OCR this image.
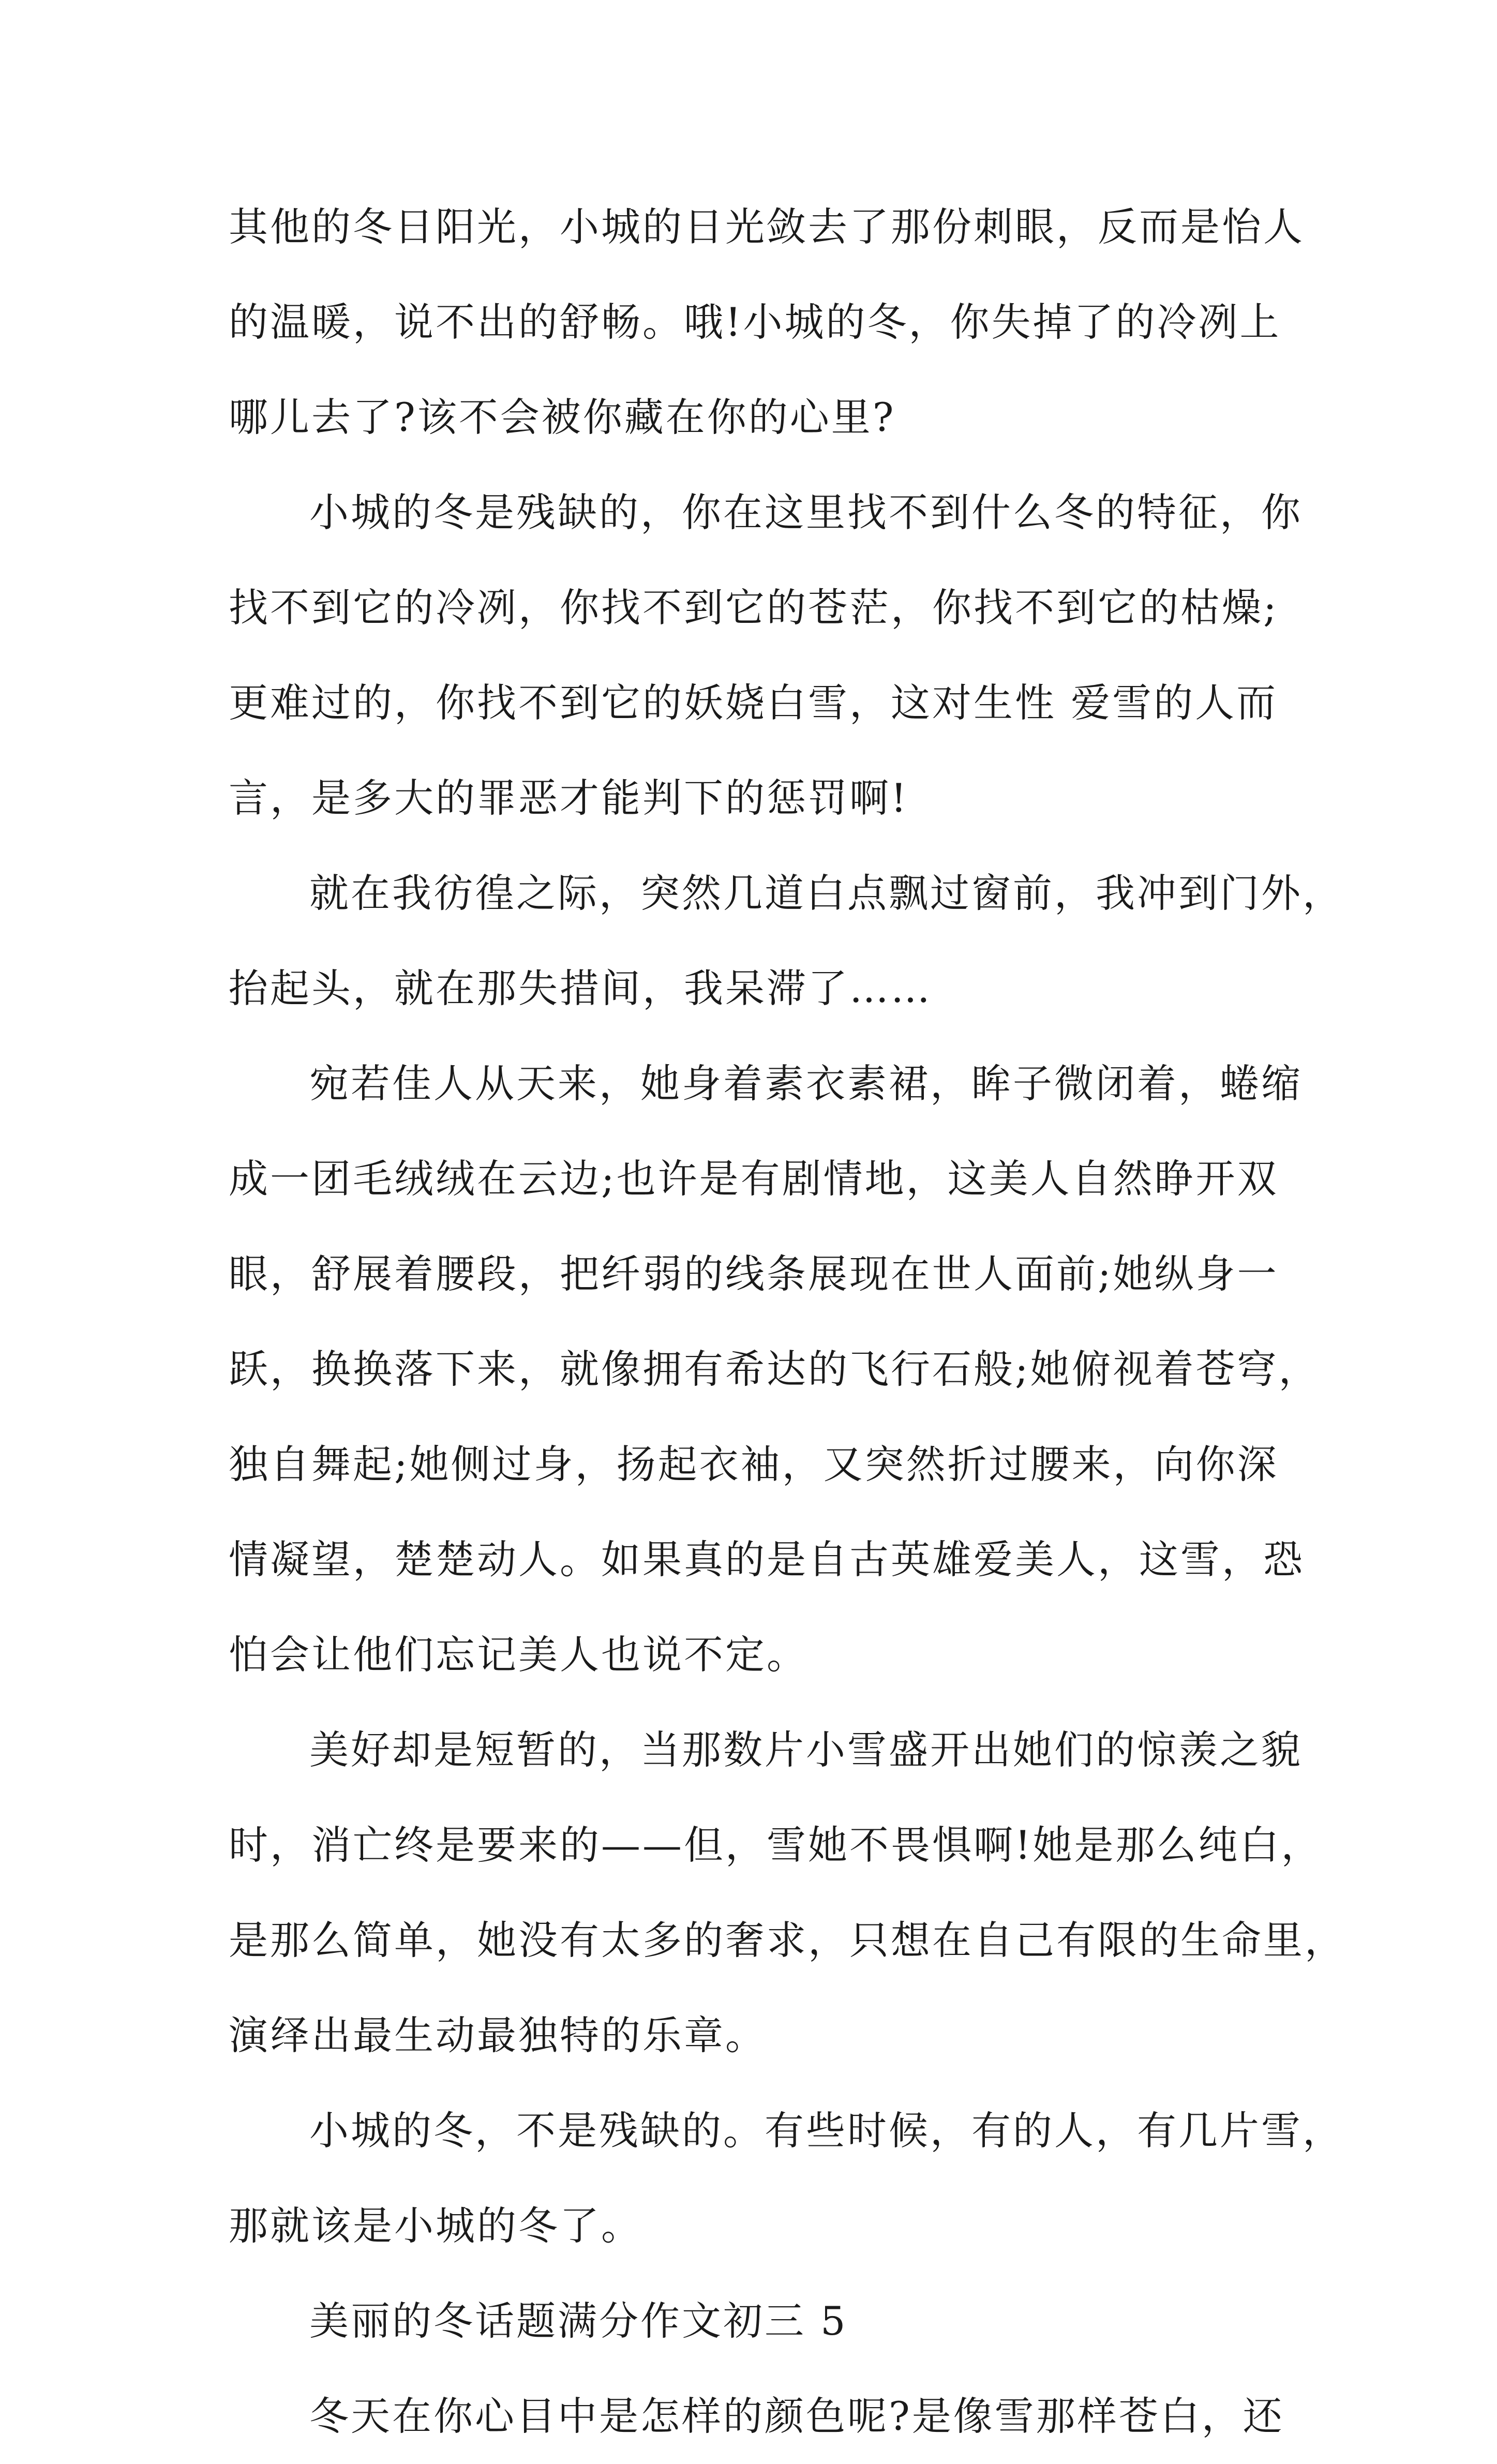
其他的冬日阳光，小城的日光敛去了那份刺眼，反而是怡人
的温暖，说不出的舒畅。哦!小城的冬，你失掉了的冷冽上
哪儿去了?该不会被你藏在你的心里?
小城的冬是残缺的，你在这里找不到什么冬的特征，你
找不到它的冷冽，你找不到它的苍茫，你找不到它的枯燥;
更难过的，你找不到它的妖娆白雪，这对生性 爱雪的人而
言，是多大的罪恶才能判下的惩罚啊!
就在我彷徨之际，突然几道白点飘过窗前，我冲到门外，
抬起头，就在那失措间，我呆滞了……
宛若佳人从天来，她身着素衣素裙，眸子微闭着，蜷缩
成一团毛绒绒在云边;也许是有剧情地，这美人自然睁开双
眼，舒展着腰段，把纤弱的线条展现在世人面前;她纵身一
跃，换换落下来，就像拥有希达的飞行石般;她俯视着苍穹，
独自舞起;她侧过身，扬起衣袖，又突然折过腰来，向你深
情凝望，楚楚动人。如果真的是自古英雄爱美人，这雪，恐
怕会让他们忘记美人也说不定。
美好却是短暂的，当那数片小雪盛开出她们的惊羡之貌
时，消亡终是要来的——但，雪她不畏惧啊!她是那么纯白，
是那么简单，她没有太多的奢求，只想在自己有限的生命里，
演绎出最生动最独特的乐章。
小城的冬，不是残缺的。有些时候，有的人，有几片雪，
那就该是小城的冬了。
美丽的冬话题满分作文初三 5
冬天在你心目中是怎样的颜色呢?是像雪那样苍白，还
